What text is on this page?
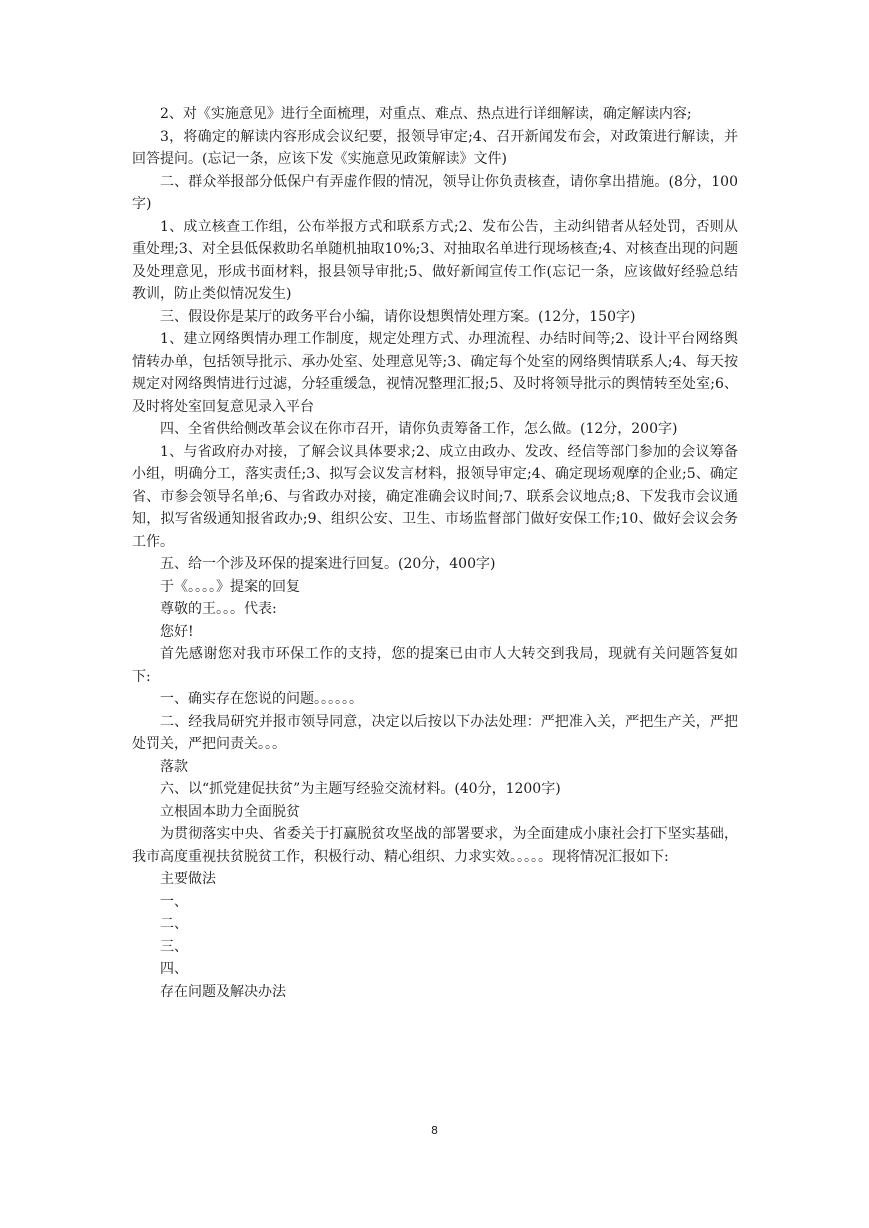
2、对《实施意见》进行全面梳理，对重点、难点、热点进行详细解读，确定解读内容;

3，将确定的解读内容形成会议纪要，报领导审定;4、召开新闻发布会，对政策进行解读，并回答提问。(忘记一条，应该下发《实施意见政策解读》文件)

二、群众举报部分低保户有弄虚作假的情况，领导让你负责核查，请你拿出措施。(8分，100字)

1、成立核查工作组，公布举报方式和联系方式;2、发布公告，主动纠错者从轻处罚，否则从重处理;3、对全县低保救助名单随机抽取10%;3、对抽取名单进行现场核查;4、对核查出现的问题及处理意见，形成书面材料，报县领导审批;5、做好新闻宣传工作(忘记一条，应该做好经验总结教训，防止类似情况发生)

三、假设你是某厅的政务平台小编，请你设想舆情处理方案。(12分，150字)

1、建立网络舆情办理工作制度，规定处理方式、办理流程、办结时间等;2、设计平台网络舆情转办单，包括领导批示、承办处室、处理意见等;3、确定每个处室的网络舆情联系人;4、每天按规定对网络舆情进行过滤，分轻重缓急，视情况整理汇报;5、及时将领导批示的舆情转至处室;6、及时将处室回复意见录入平台

四、全省供给侧改革会议在你市召开，请你负责筹备工作，怎么做。(12分，200字)

1、与省政府办对接，了解会议具体要求;2、成立由政办、发改、经信等部门参加的会议筹备小组，明确分工，落实责任;3、拟写会议发言材料，报领导审定;4、确定现场观摩的企业;5、确定省、市参会领导名单;6、与省政办对接，确定准确会议时间;7、联系会议地点;8、下发我市会议通知，拟写省级通知报省政办;9、组织公安、卫生、市场监督部门做好安保工作;10、做好会议会务工作。

五、给一个涉及环保的提案进行回复。(20分，400字)

于《。。。。》提案的回复

尊敬的王。。。代表:

您好!

首先感谢您对我市环保工作的支持，您的提案已由市人大转交到我局，现就有关问题答复如下:

一、确实存在您说的问题。。。。。。

二、经我局研究并报市领导同意，决定以后按以下办法处理：严把准入关，严把生产关，严把处罚关，严把问责关。。。

落款

六、以“抓党建促扶贫”为主题写经验交流材料。(40分，1200字)

立根固本助力全面脱贫

为贯彻落实中央、省委关于打赢脱贫攻坚战的部署要求，为全面建成小康社会打下坚实基础，我市高度重视扶贫脱贫工作，积极行动、精心组织、力求实效。。。。。现将情况汇报如下:

主要做法

一、

二、

三、

四、

存在问题及解决办法

8
